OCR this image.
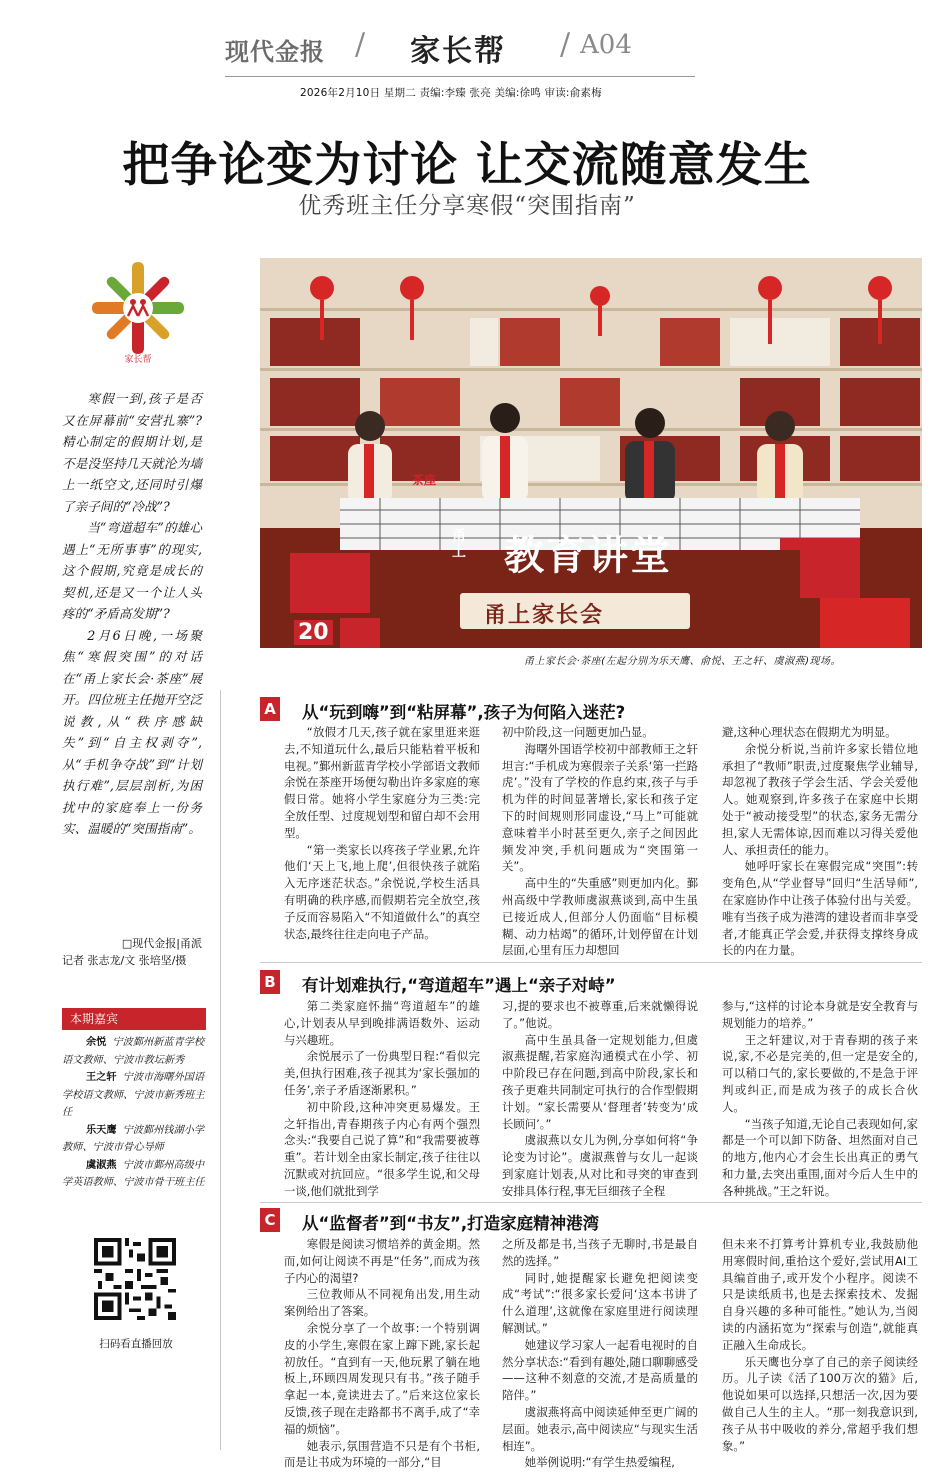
现代金报 / 家长帮 / A04
2026年2月10日 星期二 责编:李臻 张亮 美编:徐鸣 审读:俞素梅
把争论变为讨论 让交流随意发生
优秀班主任分享寒假“突围指南”
家长帮
茶座
甬上 教育讲堂
甬上家长会
20
甬上家长会·茶座(左起分别为乐天鹰、俞悦、王之轩、虞淑燕)现场。

寒假一到,孩子是否又在屏幕前“安营扎寨”?精心制定的假期计划,是不是没坚持几天就沦为墙上一纸空文,还同时引爆了亲子间的“冷战”?

当“弯道超车”的雄心遇上“无所事事”的现实,这个假期,究竟是成长的契机,还是又一个让人头疼的“矛盾高发期”?

2月6日晚,一场聚焦“寒假突围”的对话在“甬上家长会·茶座”展开。四位班主任抛开空泛说教,从“秩序感缺失”到“自主权剥夺”,从“手机争夺战”到“计划执行难”,层层剖析,为困扰中的家庭奉上一份务实、温暖的“突围指南”。

□现代金报|甬派
记者 张志龙/文 张培坚/摄
本期嘉宾

余悦 宁波鄞州新蓝青学校语文教师、宁波市教坛新秀

王之轩 宁波市海曙外国语学校语文教师、宁波市新秀班主任

乐天鹰 宁波鄞州钱湖小学教师、宁波市骨心导师

虞淑燕 宁波市鄞州高级中学英语教师、宁波市骨干班主任

扫码看直播回放
A 从“玩到嗨”到“粘屏幕”,孩子为何陷入迷茫?

“放假才几天,孩子就在家里逛来逛去,不知道玩什么,最后只能粘着平板和电视。”鄞州新蓝青学校小学部语文教师余悦在茶座开场便勾勒出许多家庭的寒假日常。她将小学生家庭分为三类:完全放任型、过度规划型和留白却不会用型。

“第一类家长以疼孩子学业累,允许他们‘天上飞,地上爬’,但很快孩子就陷入无序迷茫状态。”余悦说,学校生活具有明确的秩序感,而假期若完全放空,孩子反而容易陷入“不知道做什么”的真空状态,最终往往走向电子产品。

初中阶段,这一问题更加凸显。

海曙外国语学校初中部教师王之轩坦言:“手机成为寒假亲子关系‘第一拦路虎’。”没有了学校的作息约束,孩子与手机为伴的时间显著增长,家长和孩子定下的时间规则形同虚设,“马上”可能就意味着半小时甚至更久,亲子之间因此频发冲突,手机问题成为“突围第一关”。

高中生的“失重感”则更加内化。鄞州高级中学教师虞淑燕谈到,高中生虽已接近成人,但部分人仍面临“目标模糊、动力枯竭”的循环,计划停留在计划层面,心里有压力却想回

避,这种心理状态在假期尤为明显。

余悦分析说,当前许多家长错位地承担了“教师”职责,过度聚焦学业辅导,却忽视了教孩子学会生活、学会关爱他人。她观察到,许多孩子在家庭中长期处于“被动接受型”的状态,家务无需分担,家人无需体谅,因而难以习得关爱他人、承担责任的能力。

她呼吁家长在寒假完成“突围”:转变角色,从“学业督导”回归“生活导师”,在家庭协作中让孩子体验付出与关爱。唯有当孩子成为港湾的建设者而非享受者,才能真正学会爱,并获得支撑终身成长的内在力量。

B 有计划难执行,“弯道超车”遇上“亲子对峙”

第二类家庭怀揣“弯道超车”的雄心,计划表从早到晚排满语数外、运动与兴趣班。

余悦展示了一份典型日程:“看似完美,但执行困难,孩子视其为‘家长强加的任务’,亲子矛盾逐渐累积。”

初中阶段,这种冲突更易爆发。王之轩指出,青春期孩子内心有两个强烈念头:“我要自己说了算”和“我需要被尊重”。若计划全由家长制定,孩子往往以沉默或对抗回应。“很多学生说,和父母一谈,他们就批到学

习,提的要求也不被尊重,后来就懒得说了。”他说。

高中生虽具备一定规划能力,但虞淑燕提醒,若家庭沟通模式在小学、初中阶段已存在问题,到高中阶段,家长和孩子更难共同制定可执行的合作型假期计划。“家长需要从‘督理者’转变为‘成长顾问’。”

虞淑燕以女儿为例,分享如何将“争论变为讨论”。虞淑燕曾与女儿一起谈到家庭计划表,从对比和寻突的审查到安排具体行程,事无巨细孩子全程

参与,“这样的讨论本身就是安全教育与规划能力的培养。”

王之轩建议,对于青春期的孩子来说,家,不必是完美的,但一定是安全的,可以稍口气的,家长要做的,不是急于评判或纠正,而是成为孩子的成长合伙人。

“当孩子知道,无论自己表现如何,家都是一个可以卸下防备、坦然面对自己的地方,他内心才会生长出真正的勇气和力量,去突出重围,面对今后人生中的各种挑战。”王之轩说。

C 从“监督者”到“书友”,打造家庭精神港湾

寒假是阅读习惯培养的黄金期。然而,如何让阅读不再是“任务”,而成为孩子内心的渴望?

三位教师从不同视角出发,用生动案例给出了答案。

余悦分享了一个故事:一个特别调皮的小学生,寒假在家上蹿下跳,家长起初放任。“直到有一天,他玩累了躺在地板上,环顾四周发现只有书。”孩子随手拿起一本,竟读进去了。”后来这位家长反馈,孩子现在走路都书不离手,成了“幸福的烦恼”。

她表示,氛围营造不只是有个书柜,而是让书成为环境的一部分,“目

之所及都是书,当孩子无聊时,书是最自然的选择。”

同时,她提醒家长避免把阅读变成“考试”:“很多家长爱问‘这本书讲了什么道理’,这就像在家庭里进行阅读理解测试。”

她建议学习家人一起看电视时的自然分享状态:“看到有趣处,随口聊聊感受——这种不刻意的交流,才是高质量的陪伴。”

虞淑燕将高中阅读延伸至更广阔的层面。她表示,高中阅读应“与现实生活相连”。

她举例说明:“有学生热爱编程,

但未来不打算考计算机专业,我鼓励他用寒假时间,重拾这个爱好,尝试用AI工具编首曲子,或开发个小程序。阅读不只是读纸质书,也是去探索技术、发掘自身兴趣的多种可能性。”她认为,当阅读的内涵拓宽为“探索与创造”,就能真正融入生命成长。

乐天鹰也分享了自己的亲子阅读经历。儿子读《活了100万次的猫》后,他说如果可以选择,只想活一次,因为要做自己人生的主人。“那一刻我意识到,孩子从书中吸收的养分,常超乎我们想象。”
